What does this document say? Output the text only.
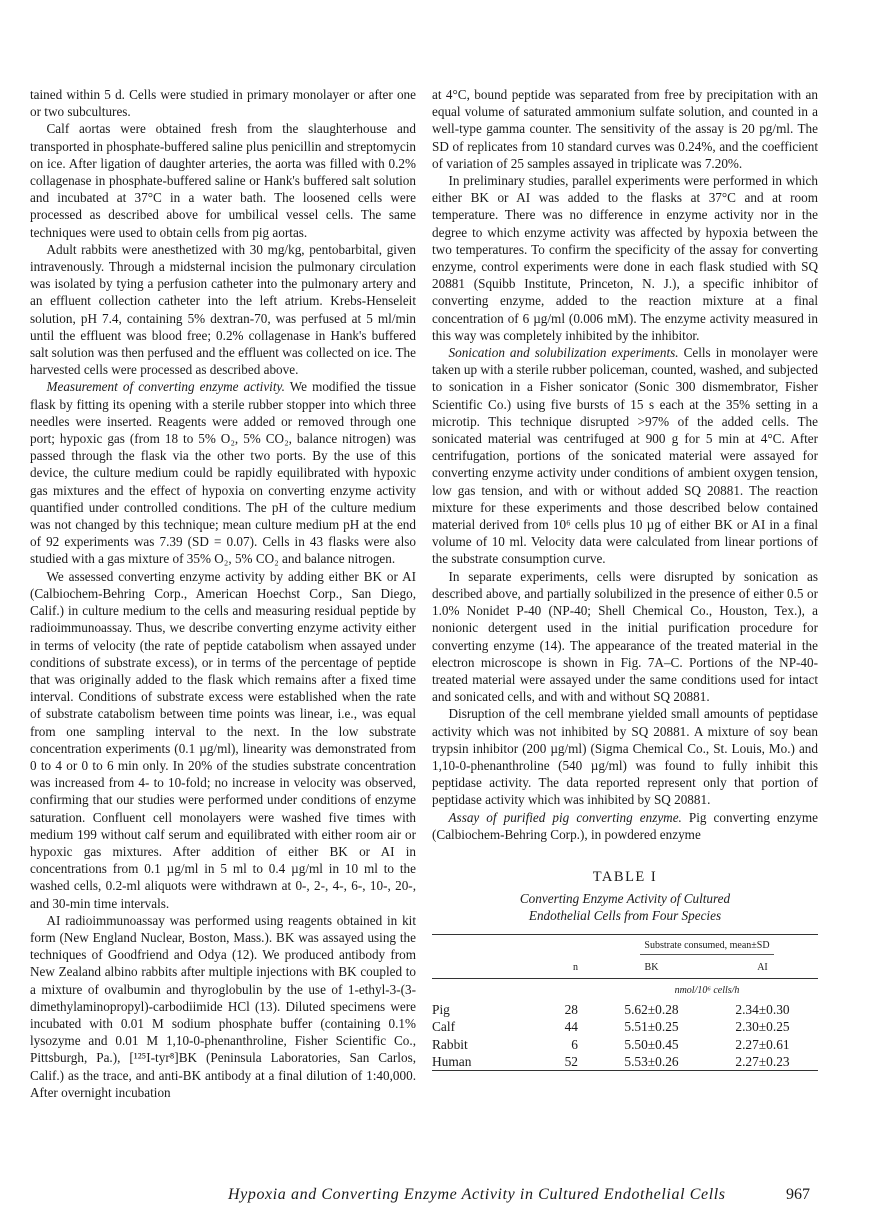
tained within 5 d. Cells were studied in primary monolayer or after one or two subcultures.

Calf aortas were obtained fresh from the slaughterhouse and transported in phosphate-buffered saline plus penicillin and streptomycin on ice. After ligation of daughter arteries, the aorta was filled with 0.2% collagenase in phosphate-buffered saline or Hank's buffered salt solution and incubated at 37°C in a water bath. The loosened cells were processed as described above for umbilical vessel cells. The same techniques were used to obtain cells from pig aortas.

Adult rabbits were anesthetized with 30 mg/kg, pentobarbital, given intravenously. Through a midsternal incision the pulmonary circulation was isolated by tying a perfusion catheter into the pulmonary artery and an effluent collection catheter into the left atrium. Krebs-Henseleit solution, pH 7.4, containing 5% dextran-70, was perfused at 5 ml/min until the effluent was blood free; 0.2% collagenase in Hank's buffered salt solution was then perfused and the effluent was collected on ice. The harvested cells were processed as described above.

Measurement of converting enzyme activity. We modified the tissue flask by fitting its opening with a sterile rubber stopper into which three needles were inserted. Reagents were added or removed through one port; hypoxic gas (from 18 to 5% O₂, 5% CO₂, balance nitrogen) was passed through the flask via the other two ports. By the use of this device, the culture medium could be rapidly equilibrated with hypoxic gas mixtures and the effect of hypoxia on converting enzyme activity quantified under controlled conditions. The pH of the culture medium was not changed by this technique; mean culture medium pH at the end of 92 experiments was 7.39 (SD = 0.07). Cells in 43 flasks were also studied with a gas mixture of 35% O₂, 5% CO₂ and balance nitrogen.

We assessed converting enzyme activity by adding either BK or AI (Calbiochem-Behring Corp., American Hoechst Corp., San Diego, Calif.) in culture medium to the cells and measuring residual peptide by radioimmunoassay. Thus, we describe converting enzyme activity either in terms of velocity (the rate of peptide catabolism when assayed under conditions of substrate excess), or in terms of the percentage of peptide that was originally added to the flask which remains after a fixed time interval. Conditions of substrate excess were established when the rate of substrate catabolism between time points was linear, i.e., was equal from one sampling interval to the next. In the low substrate concentration experiments (0.1 µg/ml), linearity was demonstrated from 0 to 4 or 0 to 6 min only. In 20% of the studies substrate concentration was increased from 4- to 10-fold; no increase in velocity was observed, confirming that our studies were performed under conditions of enzyme saturation. Confluent cell monolayers were washed five times with medium 199 without calf serum and equilibrated with either room air or hypoxic gas mixtures. After addition of either BK or AI in concentrations from 0.1 µg/ml in 5 ml to 0.4 µg/ml in 10 ml to the washed cells, 0.2-ml aliquots were withdrawn at 0-, 2-, 4-, 6-, 10-, 20-, and 30-min time intervals.

AI radioimmunoassay was performed using reagents obtained in kit form (New England Nuclear, Boston, Mass.). BK was assayed using the techniques of Goodfriend and Odya (12). We produced antibody from New Zealand albino rabbits after multiple injections with BK coupled to a mixture of ovalbumin and thyroglobulin by the use of 1-ethyl-3-(3-dimethylaminopropyl)-carbodiimide HCl (13). Diluted specimens were incubated with 0.01 M sodium phosphate buffer (containing 0.1% lysozyme and 0.01 M 1,10-0-phenanthroline, Fisher Scientific Co., Pittsburgh, Pa.), [¹²⁵I-tyr⁸]BK (Peninsula Laboratories, San Carlos, Calif.) as the trace, and anti-BK antibody at a final dilution of 1:40,000. After overnight incubation

at 4°C, bound peptide was separated from free by precipitation with an equal volume of saturated ammonium sulfate solution, and counted in a well-type gamma counter. The sensitivity of the assay is 20 pg/ml. The SD of replicates from 10 standard curves was 0.24%, and the coefficient of variation of 25 samples assayed in triplicate was 7.20%.

In preliminary studies, parallel experiments were performed in which either BK or AI was added to the flasks at 37°C and at room temperature. There was no difference in enzyme activity nor in the degree to which enzyme activity was affected by hypoxia between the two temperatures. To confirm the specificity of the assay for converting enzyme, control experiments were done in each flask studied with SQ 20881 (Squibb Institute, Princeton, N. J.), a specific inhibitor of converting enzyme, added to the reaction mixture at a final concentration of 6 µg/ml (0.006 mM). The enzyme activity measured in this way was completely inhibited by the inhibitor.

Sonication and solubilization experiments. Cells in monolayer were taken up with a sterile rubber policeman, counted, washed, and subjected to sonication in a Fisher sonicator (Sonic 300 dismembrator, Fisher Scientific Co.) using five bursts of 15 s each at the 35% setting in a microtip. This technique disrupted >97% of the added cells. The sonicated material was centrifuged at 900 g for 5 min at 4°C. After centrifugation, portions of the sonicated material were assayed for converting enzyme activity under conditions of ambient oxygen tension, low gas tension, and with or without added SQ 20881. The reaction mixture for these experiments and those described below contained material derived from 10⁶ cells plus 10 µg of either BK or AI in a final volume of 10 ml. Velocity data were calculated from linear portions of the substrate consumption curve.

In separate experiments, cells were disrupted by sonication as described above, and partially solubilized in the presence of either 0.5 or 1.0% Nonidet P-40 (NP-40; Shell Chemical Co., Houston, Tex.), a nonionic detergent used in the initial purification procedure for converting enzyme (14). The appearance of the treated material in the electron microscope is shown in Fig. 7A–C. Portions of the NP-40-treated material were assayed under the same conditions used for intact and sonicated cells, and with and without SQ 20881.

Disruption of the cell membrane yielded small amounts of peptidase activity which was not inhibited by SQ 20881. A mixture of soy bean trypsin inhibitor (200 µg/ml) (Sigma Chemical Co., St. Louis, Mo.) and 1,10-0-phenanthroline (540 µg/ml) was found to fully inhibit this peptidase activity. The data reported represent only that portion of peptidase activity which was inhibited by SQ 20881.

Assay of purified pig converting enzyme. Pig converting enzyme (Calbiochem-Behring Corp.), in powdered enzyme

TABLE I
Converting Enzyme Activity of Cultured
Endothelial Cells from Four Species
		Substrate consumed, mean±SD	
	n	BK	AI
		nmol/10⁶ cells/h	
Pig	28	5.62±0.28	2.34±0.30
Calf	44	5.51±0.25	2.30±0.25
Rabbit	6	5.50±0.45	2.27±0.61
Human	52	5.53±0.26	2.27±0.23
Hypoxia and Converting Enzyme Activity in Cultured Endothelial Cells	967
